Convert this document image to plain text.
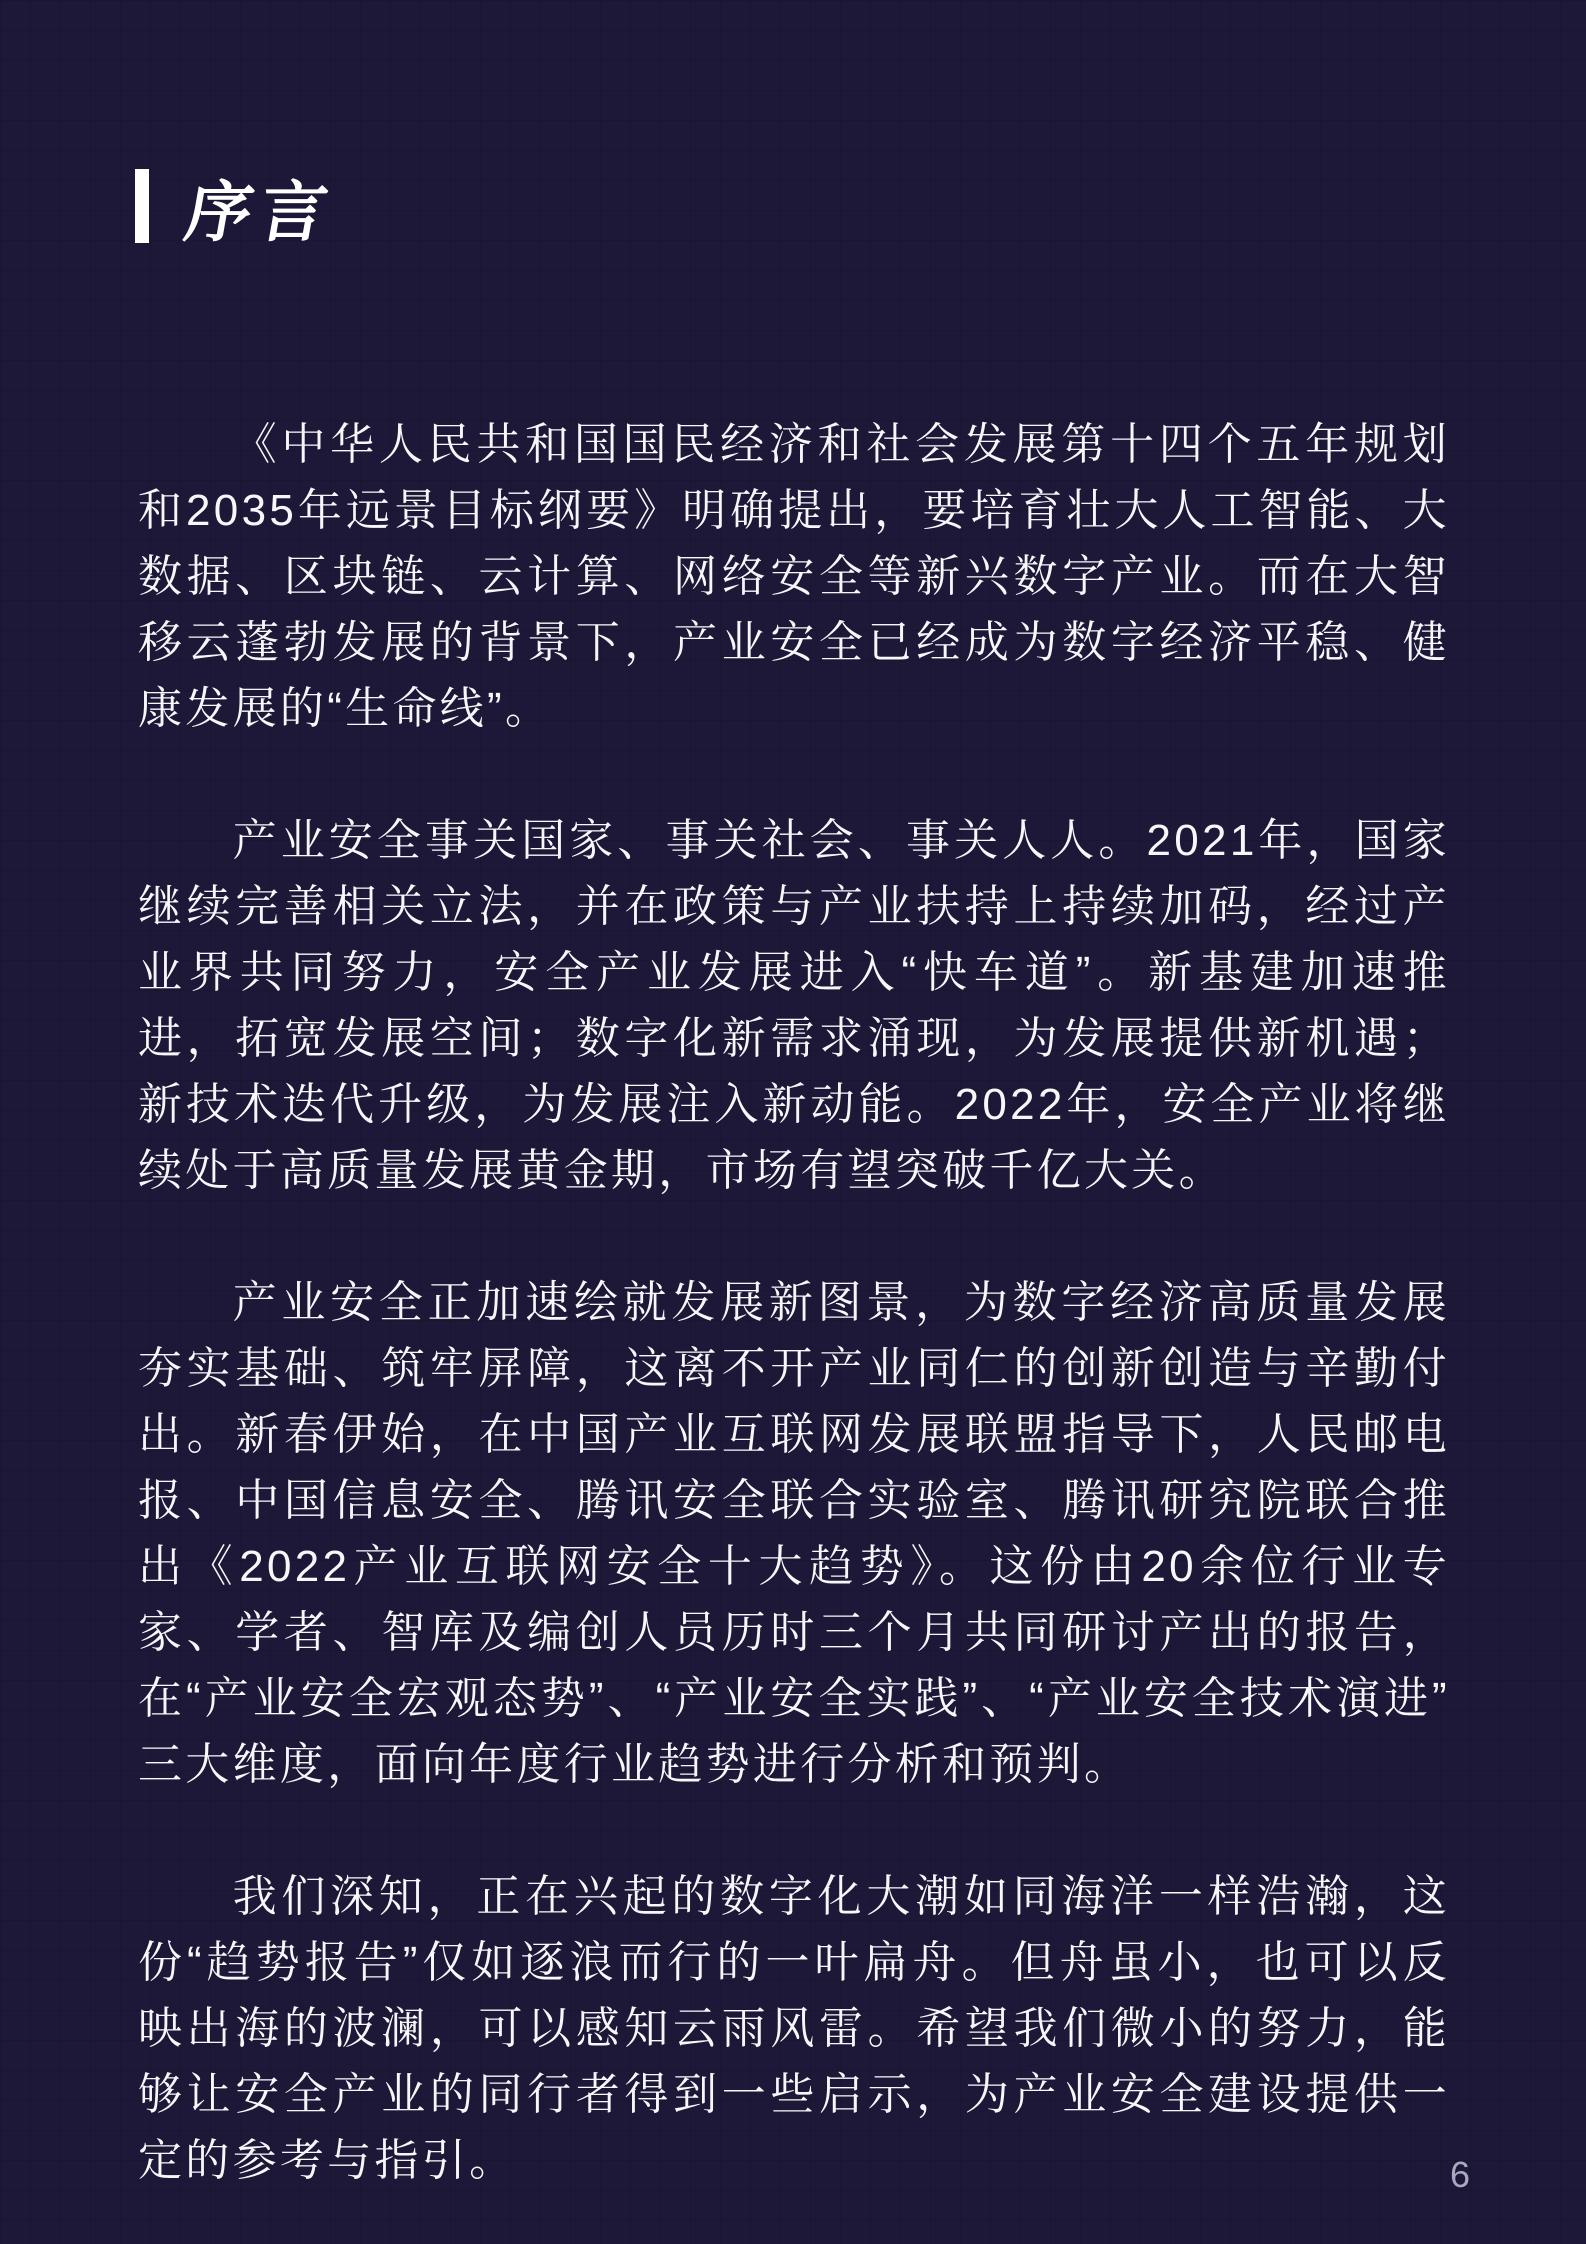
序言

《中华人民共和国国民经济和社会发展第十四个五年规划和2035年远景目标纲要》明确提出，要培育壮大人工智能、大数据、区块链、云计算、网络安全等新兴数字产业。而在大智移云蓬勃发展的背景下，产业安全已经成为数字经济平稳、健康发展的“生命线”。

产业安全事关国家、事关社会、事关人人。2021年，国家继续完善相关立法，并在政策与产业扶持上持续加码，经过产业界共同努力，安全产业发展进入“快车道”。新基建加速推进，拓宽发展空间；数字化新需求涌现，为发展提供新机遇；新技术迭代升级，为发展注入新动能。2022年，安全产业将继续处于高质量发展黄金期，市场有望突破千亿大关。

产业安全正加速绘就发展新图景，为数字经济高质量发展夯实基础、筑牢屏障，这离不开产业同仁的创新创造与辛勤付出。新春伊始，在中国产业互联网发展联盟指导下，人民邮电报、中国信息安全、腾讯安全联合实验室、腾讯研究院联合推出《2022产业互联网安全十大趋势》。这份由20余位行业专家、学者、智库及编创人员历时三个月共同研讨产出的报告，在“产业安全宏观态势”、“产业安全实践”、“产业安全技术演进”三大维度，面向年度行业趋势进行分析和预判。

我们深知，正在兴起的数字化大潮如同海洋一样浩瀚，这份“趋势报告”仅如逐浪而行的一叶扁舟。但舟虽小，也可以反映出海的波澜，可以感知云雨风雷。希望我们微小的努力，能够让安全产业的同行者得到一些启示，为产业安全建设提供一定的参考与指引。	6
